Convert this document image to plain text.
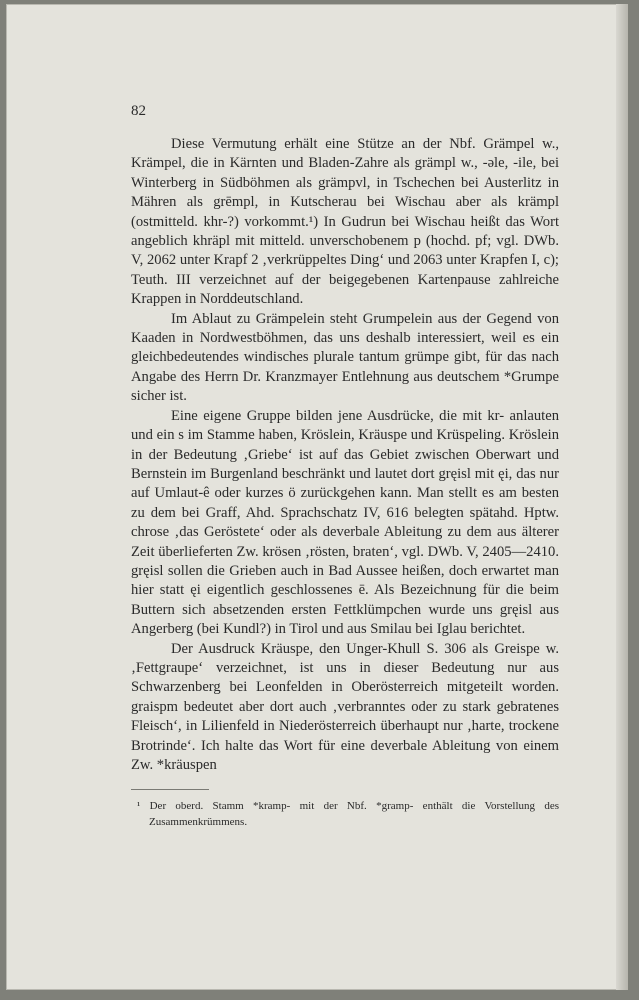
82

Diese Vermutung erhält eine Stütze an der Nbf. Grämpel w., Krämpel, die in Kärnten und Bladen-Zahre als grämpl w., -əle, -ile, bei Winterberg in Südböhmen als grämpvl, in Tschechen bei Austerlitz in Mähren als grēmpl, in Kutscherau bei Wischau aber als krämpl (ostmitteld. khr-?) vorkommt.¹) In Gudrun bei Wischau heißt das Wort angeblich khräpl mit mitteld. unverschobenem p (hochd. pf; vgl. DWb. V, 2062 unter Krapf 2 ‚verkrüppeltes Ding‘ und 2063 unter Krapfen I, c); Teuth. III verzeichnet auf der beigegebenen Kartenpause zahlreiche Krappen in Norddeutschland.

Im Ablaut zu Grämpelein steht Grumpelein aus der Gegend von Kaaden in Nordwestböhmen, das uns deshalb interessiert, weil es ein gleichbedeutendes windisches plurale tantum grümpe gibt, für das nach Angabe des Herrn Dr. Kranzmayer Entlehnung aus deutschem *Grumpe sicher ist.

Eine eigene Gruppe bilden jene Ausdrücke, die mit kr- anlauten und ein s im Stamme haben, Kröslein, Kräuspe und Krüspeling. Kröslein in der Bedeutung ‚Griebe‘ ist auf das Gebiet zwischen Oberwart und Bernstein im Burgenland beschränkt und lautet dort gręisl mit ęi, das nur auf Umlaut-ê oder kurzes ö zurückgehen kann. Man stellt es am besten zu dem bei Graff, Ahd. Sprachschatz IV, 616 belegten spätahd. Hptw. chrose ‚das Geröstete‘ oder als deverbale Ableitung zu dem aus älterer Zeit überlieferten Zw. krösen ‚rösten, braten‘, vgl. DWb. V, 2405—2410. gręisl sollen die Grieben auch in Bad Aussee heißen, doch erwartet man hier statt ęi eigentlich geschlossenes ē. Als Bezeichnung für die beim Buttern sich absetzenden ersten Fettklümpchen wurde uns gręisl aus Angerberg (bei Kundl?) in Tirol und aus Smilau bei Iglau berichtet.

Der Ausdruck Kräuspe, den Unger-Khull S. 306 als Greispe w. ‚Fettgraupe‘ verzeichnet, ist uns in dieser Bedeutung nur aus Schwarzenberg bei Leonfelden in Oberösterreich mitgeteilt worden. graispm bedeutet aber dort auch ‚verbranntes oder zu stark gebratenes Fleisch‘, in Lilienfeld in Niederösterreich überhaupt nur ‚harte, trockene Brotrinde‘. Ich halte das Wort für eine deverbale Ableitung von einem Zw. *kräuspen

¹ Der oberd. Stamm *kramp- mit der Nbf. *gramp- enthält die Vorstellung des Zusammenkrümmens.
